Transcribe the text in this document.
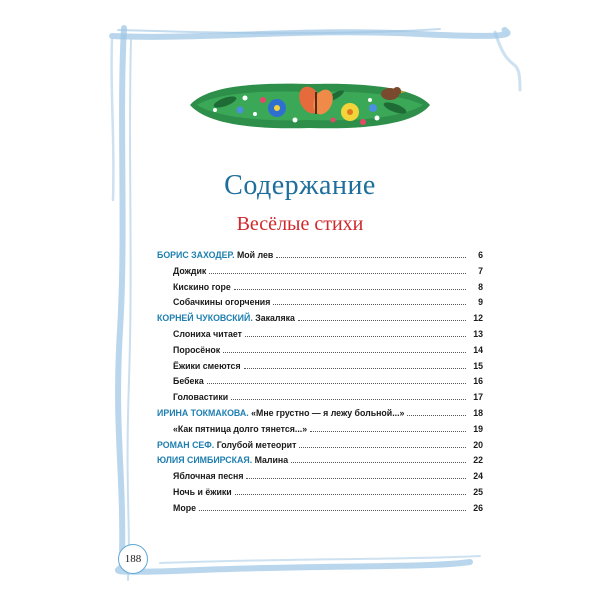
Содержание
Весёлые стихи
БОРИС ЗАХОДЕР. Мой лев	6
Дождик	7
Кискино горе	8
Собачкины огорчения	9
КОРНЕЙ ЧУКОВСКИЙ. Закаляка	12
Слониха читает	13
Поросёнок	14
Ёжики смеются	15
Бебека	16
Головастики	17
ИРИНА ТОКМАКОВА. «Мне грустно — я лежу больной...»	18
«Как пятница долго тянется...»	19
РОМАН СЕФ. Голубой метеорит	20
ЮЛИЯ СИМБИРСКАЯ. Малина	22
Яблочная песня	24
Ночь и ёжики	25
Море	26
188
